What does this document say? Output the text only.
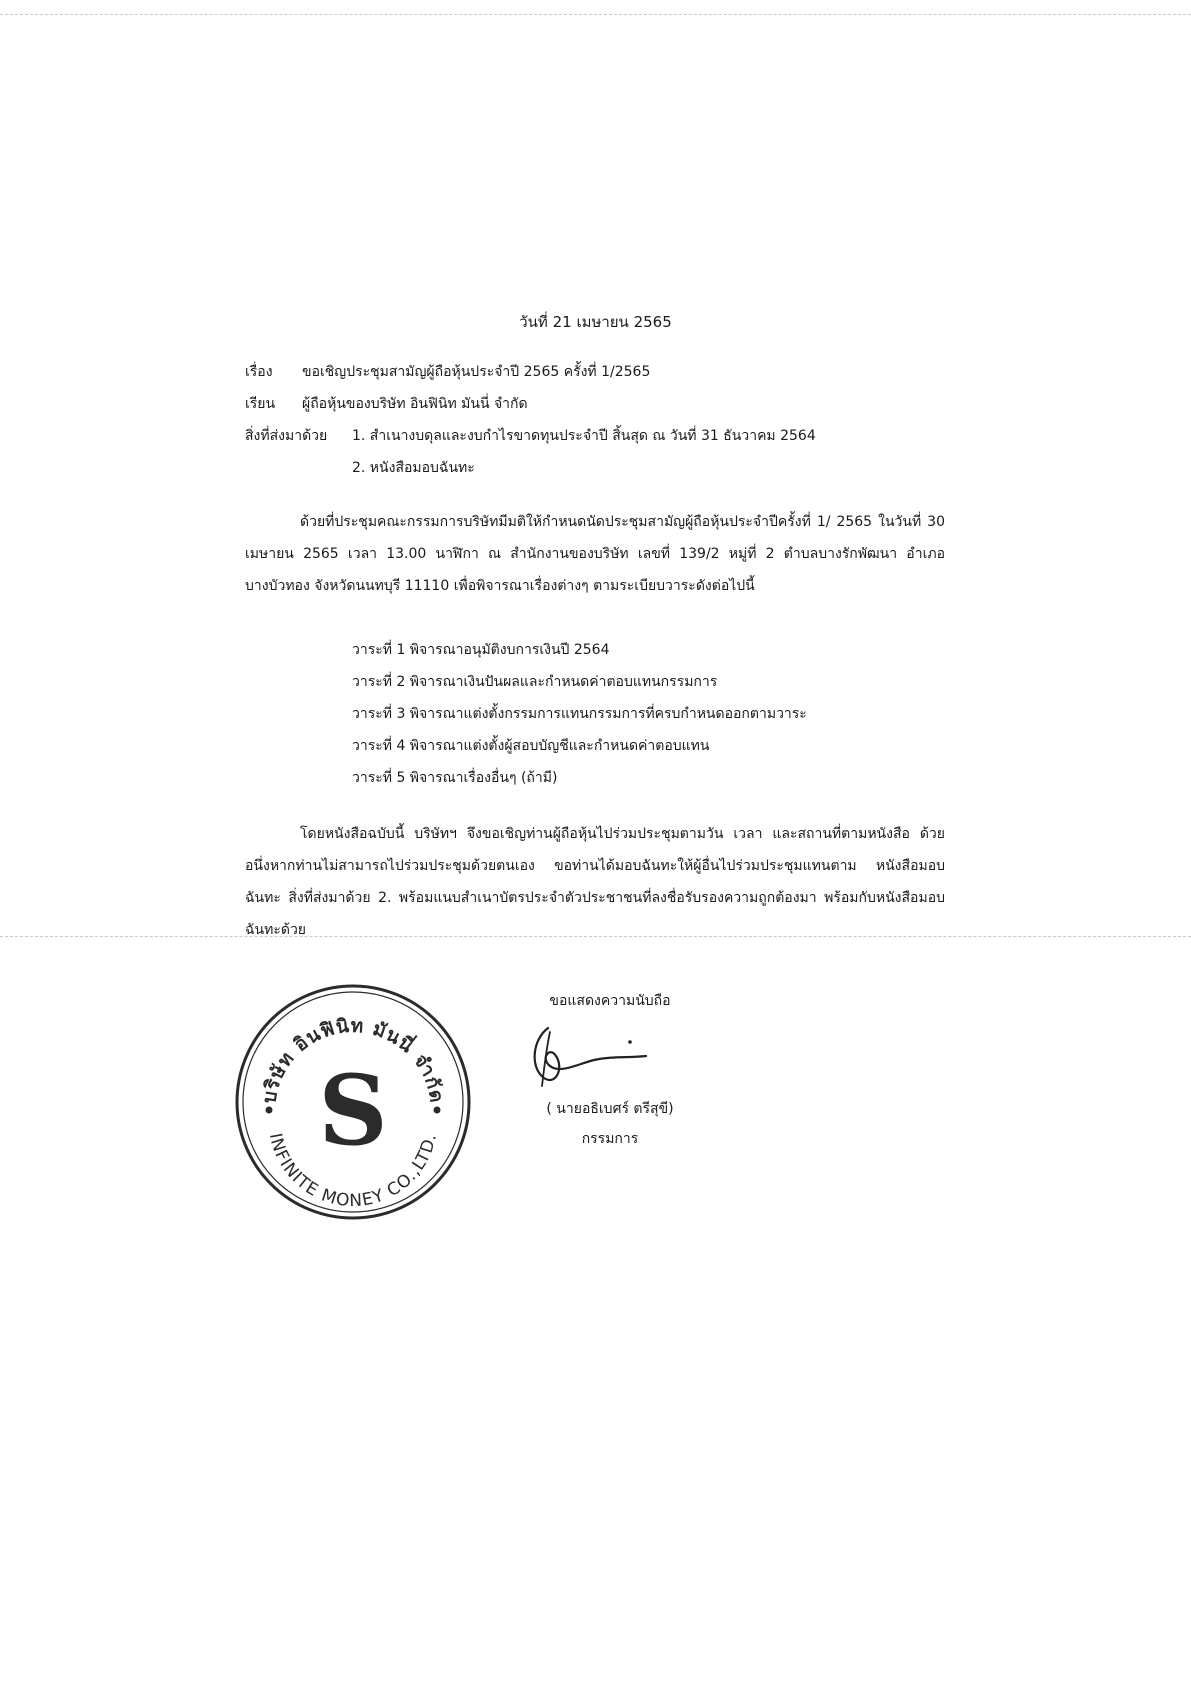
วันที่ 21 เมษายน 2565
เรื่อง ขอเชิญประชุมสามัญผู้ถือหุ้นประจำปี 2565 ครั้งที่ 1/2565
เรียน ผู้ถือหุ้นของบริษัท อินฟินิท มันนี่ จำกัด
สิ่งที่ส่งมาด้วย 1. สำเนางบดุลและงบกำไรขาดทุนประจำปี สิ้นสุด ณ วันที่ 31 ธันวาคม 2564
2. หนังสือมอบฉันทะ
ด้วยที่ประชุมคณะกรรมการบริษัทมีมติให้กำหนดนัดประชุมสามัญผู้ถือหุ้นประจำปีครั้งที่ 1/ 2565 ในวันที่ 30 เมษายน 2565 เวลา 13.00 นาฬิกา ณ สำนักงานของบริษัท เลขที่ 139/2 หมู่ที่ 2 ตำบลบางรักพัฒนา อำเภอบางบัวทอง จังหวัดนนทบุรี 11110 เพื่อพิจารณาเรื่องต่างๆ ตามระเบียบวาระดังต่อไปนี้
วาระที่ 1 พิจารณาอนุมัติงบการเงินปี 2564
วาระที่ 2 พิจารณาเงินปันผลและกำหนดค่าตอบแทนกรรมการ
วาระที่ 3 พิจารณาแต่งตั้งกรรมการแทนกรรมการที่ครบกำหนดออกตามวาระ
วาระที่ 4 พิจารณาแต่งตั้งผู้สอบบัญชีและกำหนดค่าตอบแทน
วาระที่ 5 พิจารณาเรื่องอื่นๆ (ถ้ามี)
โดยหนังสือฉบับนี้ บริษัทฯ จึงขอเชิญท่านผู้ถือหุ้นไปร่วมประชุมตามวัน เวลา และสถานที่ตามหนังสือ ด้วย อนึ่งหากท่านไม่สามารถไปร่วมประชุมด้วยตนเอง ขอท่านได้มอบฉันทะให้ผู้อื่นไปร่วมประชุมแทนตาม หนังสือมอบฉันทะ สิ่งที่ส่งมาด้วย 2. พร้อมแนบสำเนาบัตรประจำตัวประชาชนที่ลงชื่อรับรองความถูกต้องมา พร้อมกับหนังสือมอบฉันทะด้วย
ขอแสดงความนับถือ
( นายอธิเบศร์ ตรีสุขี)
กรรมการ
บริษัท อินฟินิท มันนี่ จำกัด
INFINITE MONEY CO.,LTD.
S
